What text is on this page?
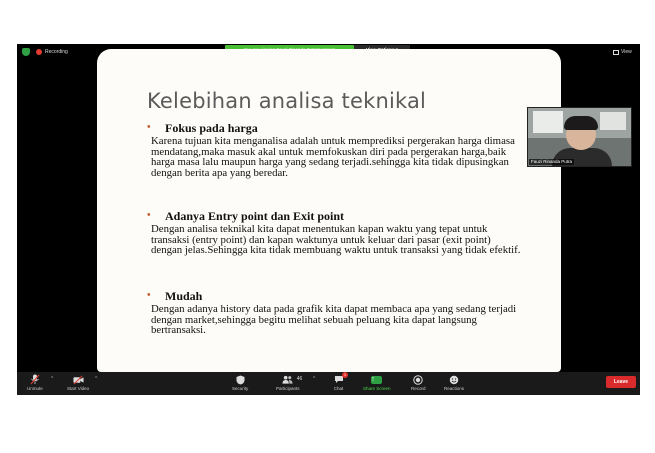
Recording	View
Kelebihan analisa teknikal
• Fokus pada harga

Karena tujuan kita menganalisa adalah untuk memprediksi pergerakan harga dimasa mendatang,maka masuk akal untuk memfokuskan diri pada pergerakan harga,baik harga masa lalu maupun harga yang sedang terjadi.sehingga kita tidak dipusingkan dengan berita apa yang beredar.

• Adanya Entry point dan Exit point

Dengan analisa teknikal kita dapat menentukan kapan waktu yang tepat untuk transaksi (entry point) dan kapan waktunya untuk keluar dari pasar (exit point) dengan jelas.Sehingga kita tidak membuang waktu untuk transaksi yang tidak efektif.

• Mudah

Dengan adanya history data pada grafik kita dapat membaca apa yang sedang terjadi dengan market,sehingga begitu melihat sebuah peluang kita dapat langsung bertransaksi.

Fauzi Rinanda Putra
Unmute
^
Start Video
^
Security
46
Participants
^
1
Chat
↑
Share Screen	Record	Reactions
Leave
